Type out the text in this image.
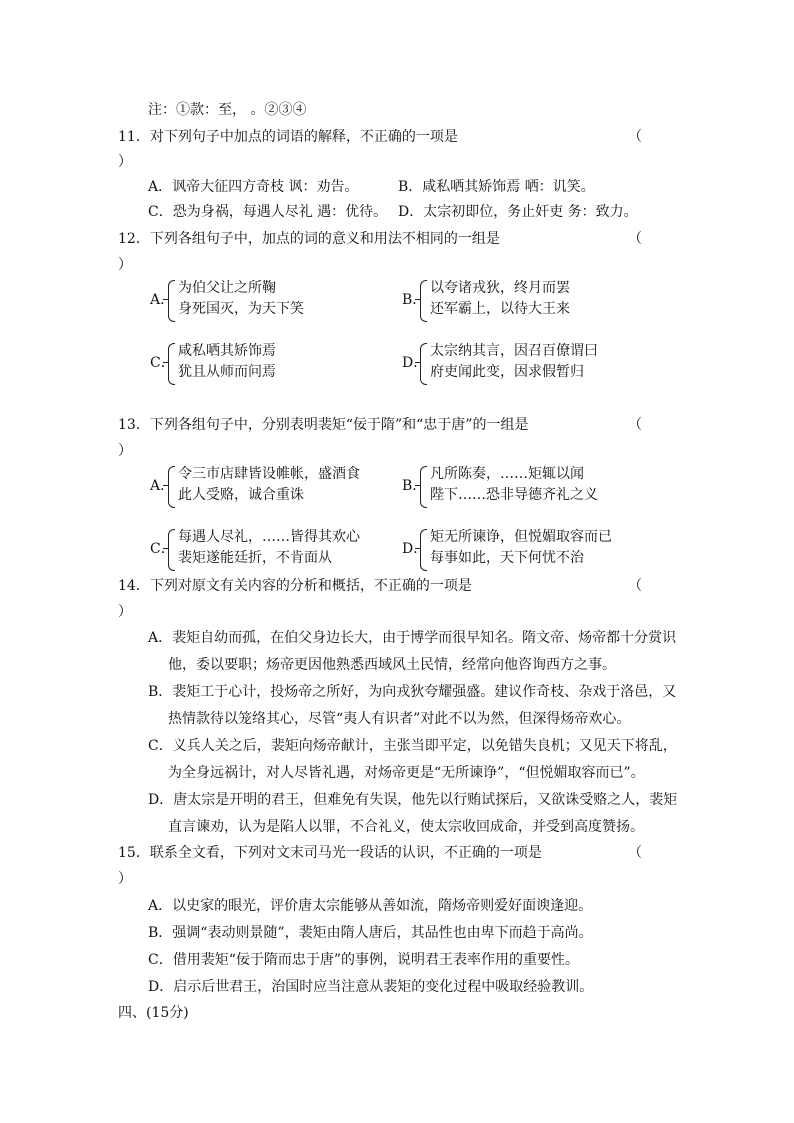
注：①款：至， 。②③④
11．对下列句子中加点的词语的解释，不正确的一项是	（
）
A．讽帝大征四方奇枝 讽：劝告。	B．咸私哂其矫饰焉 哂：讥笑。
C．恐为身祸，每遇人尽礼 遇：优待。 D．太宗初即位，务止奸吏 务：致力。
12．下列各组句子中，加点的词的意义和用法不相同的一组是	（
）
A．
为伯父让之所鞠
身死国灭，为天下笑
B．
以夸诸戎狄，终月而罢
还军霸上，以待大王来
C．
咸私哂其矫饰焉
犹且从师而问焉
D．
太宗纳其言，因召百僚谓曰
府吏闻此变，因求假暂归
13．下列各组句子中，分别表明裴矩“佞于隋”和“忠于唐”的一组是	（
）
A．
令三市店肆皆设帷帐，盛酒食
此人受赂，诚合重诛
B．
凡所陈奏，……矩辄以闻
陛下……恐非导德齐礼之义
C．
每遇人尽礼，……皆得其欢心
裴矩遂能廷折，不肯面从
D．
矩无所谏诤，但悦媚取容而已
每事如此，天下何忧不治
14．下列对原文有关内容的分析和概括，不正确的一项是	（
）
A．裴矩自幼而孤，在伯父身边长大，由于博学而很早知名。隋文帝、炀帝都十分赏识
他，委以要职；炀帝更因他熟悉西域风土民情，经常向他咨询西方之事。
B．裴矩工于心计，投炀帝之所好，为向戎狄夸耀强盛。建议作奇枝、杂戏于洛邑，又
热情款待以笼络其心，尽管“夷人有识者”对此不以为然，但深得炀帝欢心。
C．义兵人关之后，裴矩向炀帝献计，主张当即平定，以免错失良机；又见天下将乱，
为全身远祸计，对人尽皆礼遇，对炀帝更是“无所谏诤”，“但悦媚取容而已”。
D．唐太宗是开明的君王，但难免有失误，他先以行贿试探后，又欲诛受赂之人，裴矩
直言谏劝，认为是陷人以罪，不合礼义，使太宗收回成命，并受到高度赞扬。
15．联系全文看，下列对文末司马光一段话的认识，不正确的一项是	（
）
A．以史家的眼光，评价唐太宗能够从善如流，隋炀帝则爱好面谀逢迎。
B．强调“表动则景随”，裴矩由隋人唐后，其品性也由卑下而趋于高尚。
C．借用裴矩“佞于隋而忠于唐”的事例，说明君王表率作用的重要性。
D．启示后世君王，治国时应当注意从裴矩的变化过程中吸取经验教训。
四、(15分)
